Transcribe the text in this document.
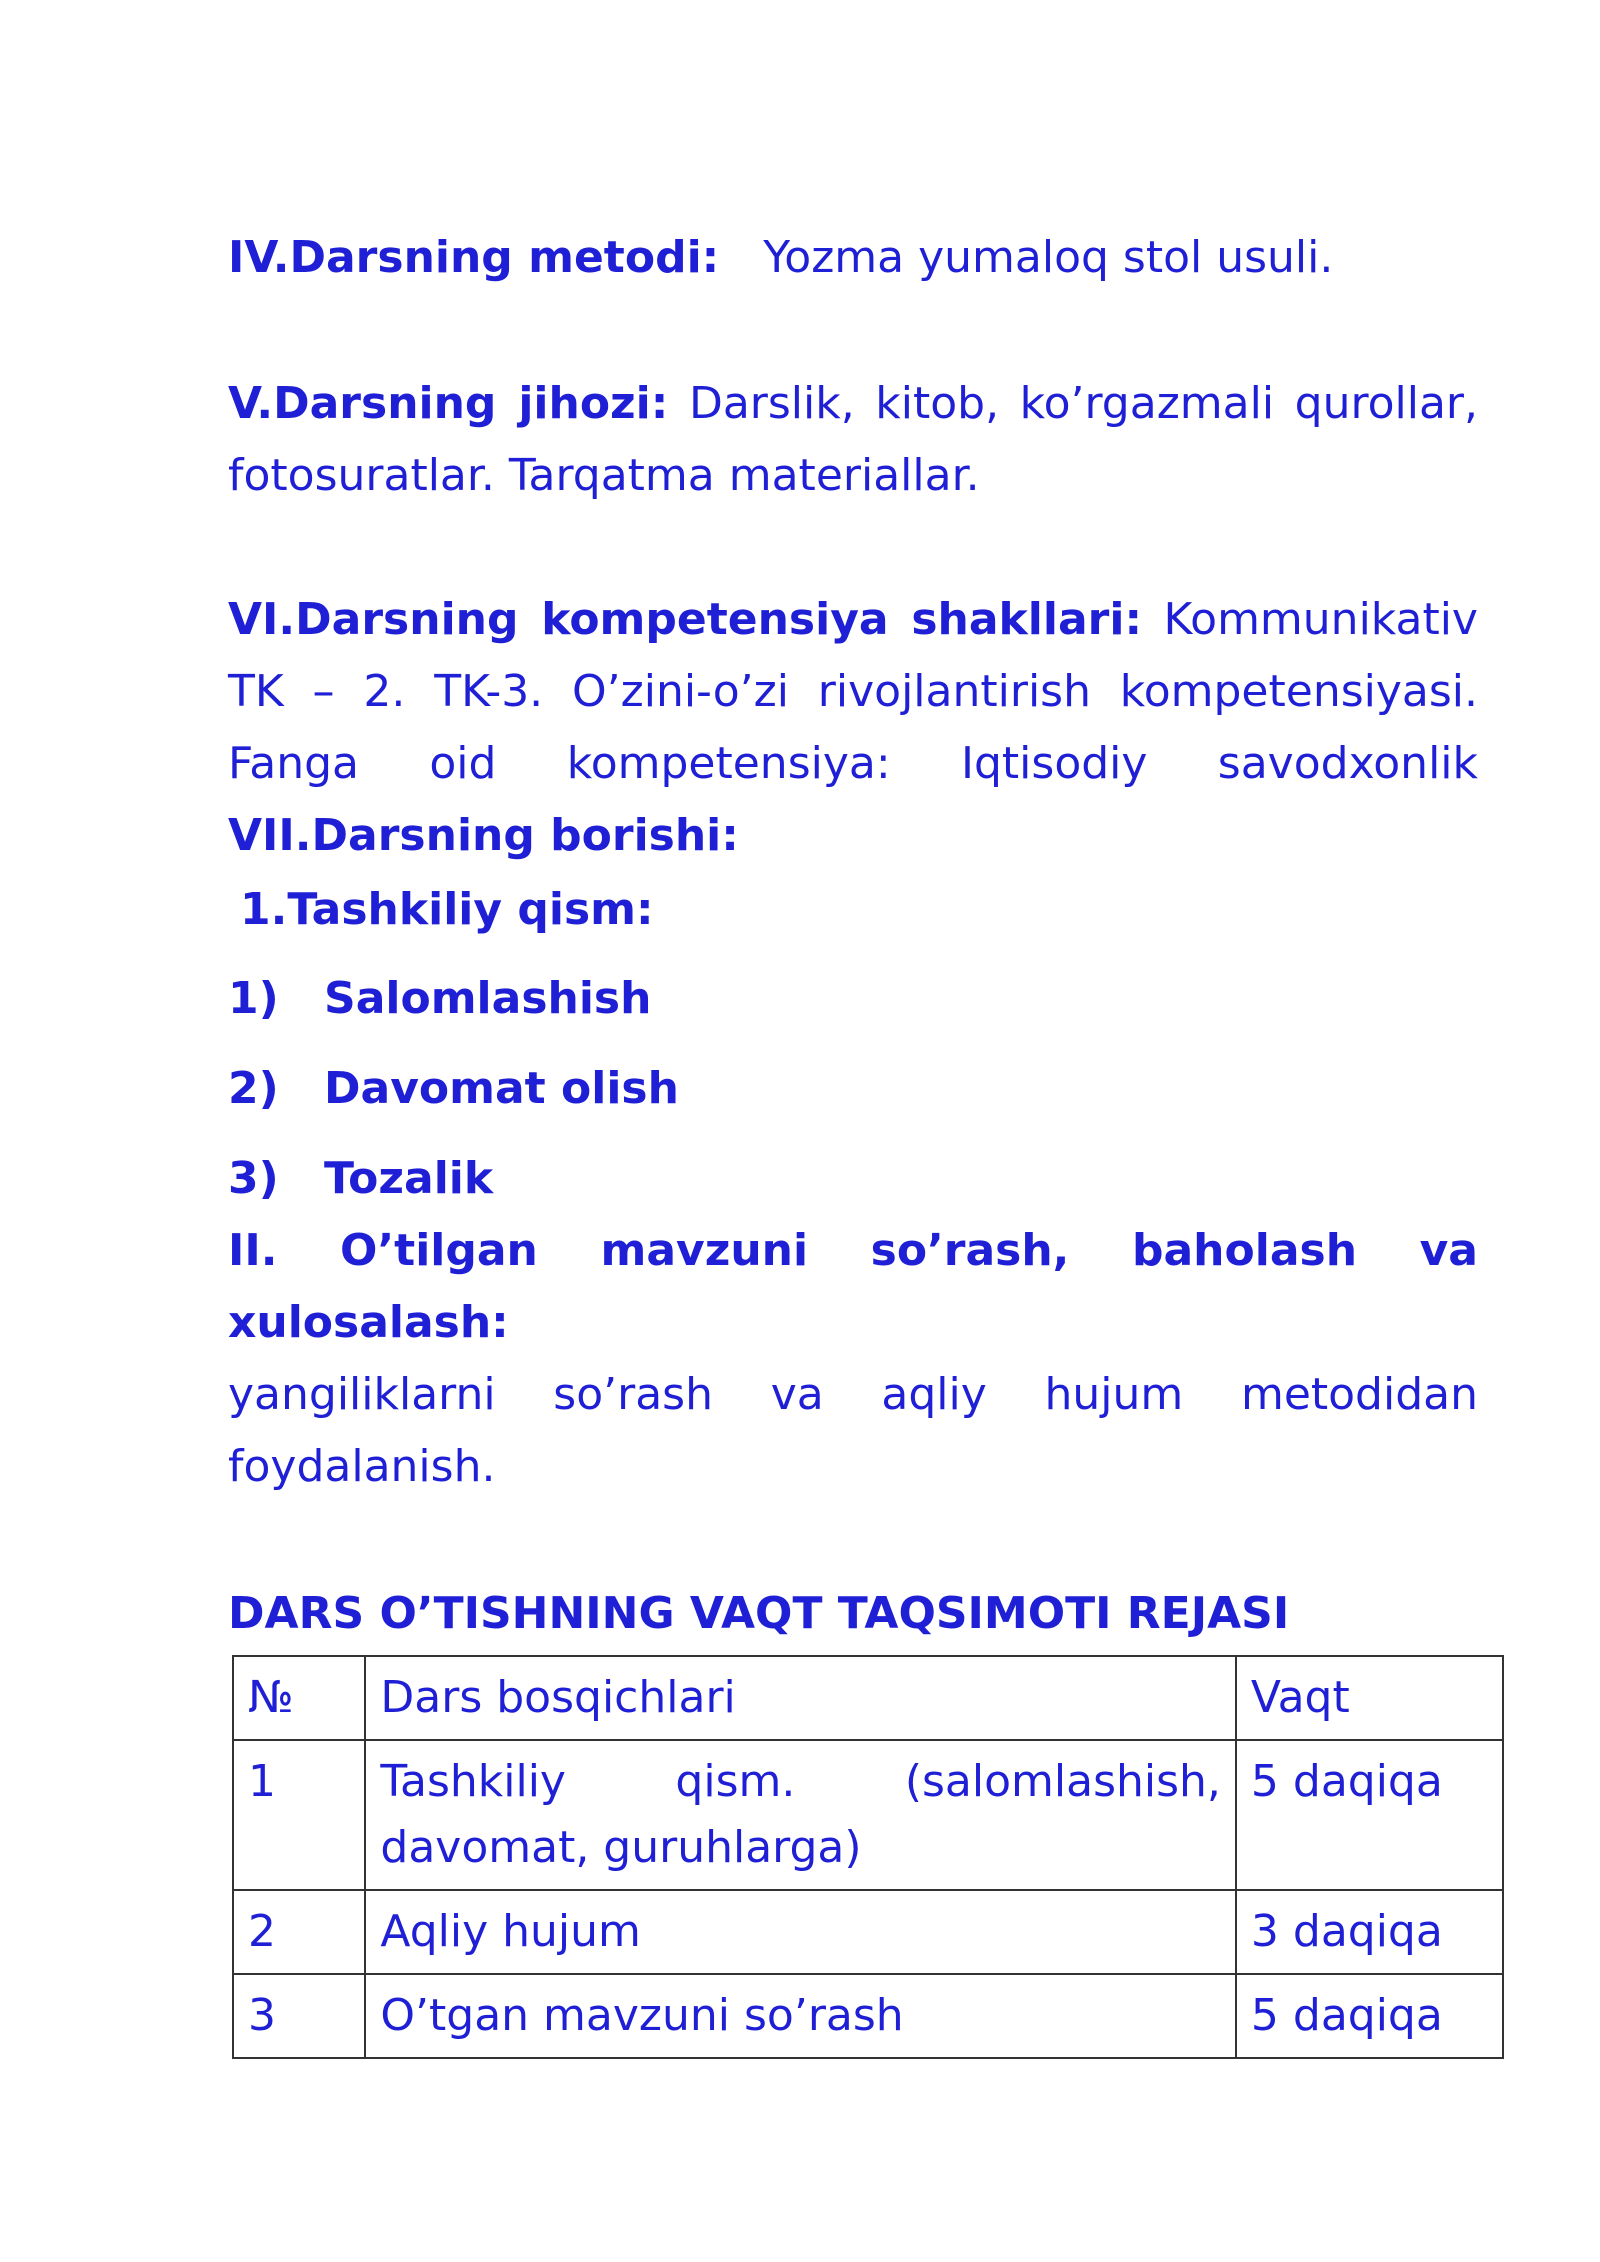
IV.Darsning metodi: Yozma yumaloq stol usuli.
V.Darsning jihozi: Darslik, kitob, ko’rgazmali qurollar,
fotosuratlar. Tarqatma materiallar.
VI.Darsning kompetensiya shakllari: Kommunikativ
TK – 2. TK-3. O’zini-o’zi rivojlantirish kompetensiyasi.
Fanga oid kompetensiya: Iqtisodiy savodxonlik
VII.Darsning borishi:
1.Tashkiliy qism:
1) Salomlashish
2) Davomat olish
3) Tozalik
II. O’tilgan mavzuni so’rash, baholash va
xulosalash:
yangiliklarni so’rash va aqliy hujum metodidan
foydalanish.
DARS O’TISHNING VAQT TAQSIMOTI REJASI
№	Dars bosqichlari	Vaqt
1	Tashkiliy qism. (salomlashish, davomat, guruhlarga)	5 daqiqa
2	Aqliy hujum	3 daqiqa
3	O’tgan mavzuni so’rash	5 daqiqa
